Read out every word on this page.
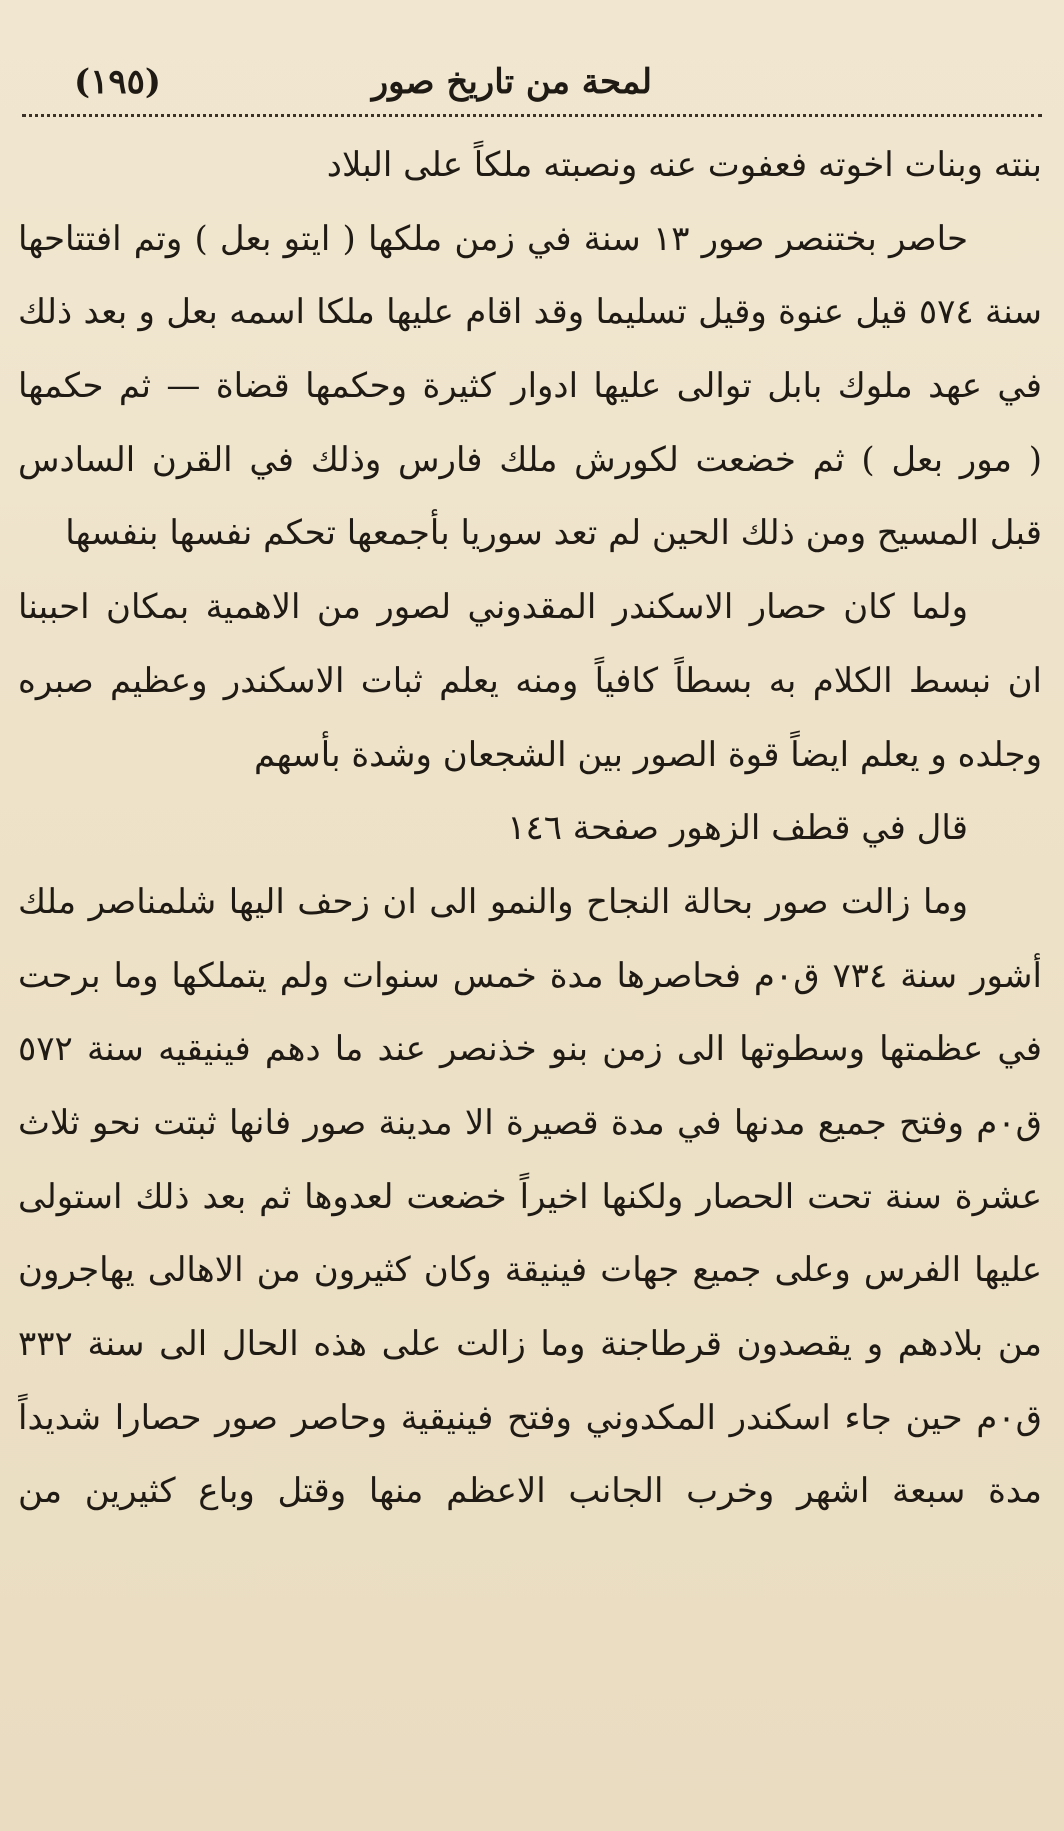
لمحة من تاريخ صور
(١٩٥)
بنته وبنات اخوته فعفوت عنه ونصبته ملكاً على البلاد
حاصر بختنصر صور ١٣ سنة في زمن ملكها ( ايتو بعل ) وتم افتتاحها
سنة ٥٧٤ قيل عنوة وقيل تسليما وقد اقام عليها ملكا اسمه بعل و بعد ذلك
في عهد ملوك بابل توالى عليها ادوار كثيرة وحكمها قضاة — ثم حكمها
( مور بعل ) ثم خضعت لكورش ملك فارس وذلك في القرن السادس
قبل المسيح ومن ذلك الحين لم تعد سوريا بأجمعها تحكم نفسها بنفسها
ولما كان حصار الاسكندر المقدوني لصور من الاهمية بمكان احببنا
ان نبسط الكلام به بسطاً كافياً ومنه يعلم ثبات الاسكندر وعظيم صبره
وجلده و يعلم ايضاً قوة الصور بين الشجعان وشدة بأسهم
قال في قطف الزهور صفحة ١٤٦
وما زالت صور بحالة النجاح والنمو الى ان زحف اليها شلمناصر ملك
أشور سنة ٧٣٤ ق٠م فحاصرها مدة خمس سنوات ولم يتملكها وما برحت
في عظمتها وسطوتها الى زمن بنو خذنصر عند ما دهم فينيقيه سنة ٥٧٢
ق٠م وفتح جميع مدنها في مدة قصيرة الا مدينة صور فانها ثبتت نحو ثلاث
عشرة سنة تحت الحصار ولكنها اخيراً خضعت لعدوها ثم بعد ذلك استولى
عليها الفرس وعلى جميع جهات فينيقة وكان كثيرون من الاهالى يهاجرون
من بلادهم و يقصدون قرطاجنة وما زالت على هذه الحال الى سنة ٣٣٢
ق٠م حين جاء اسكندر المكدوني وفتح فينيقية وحاصر صور حصارا شديداً
مدة سبعة اشهر وخرب الجانب الاعظم منها وقتل وباع كثيرين من
